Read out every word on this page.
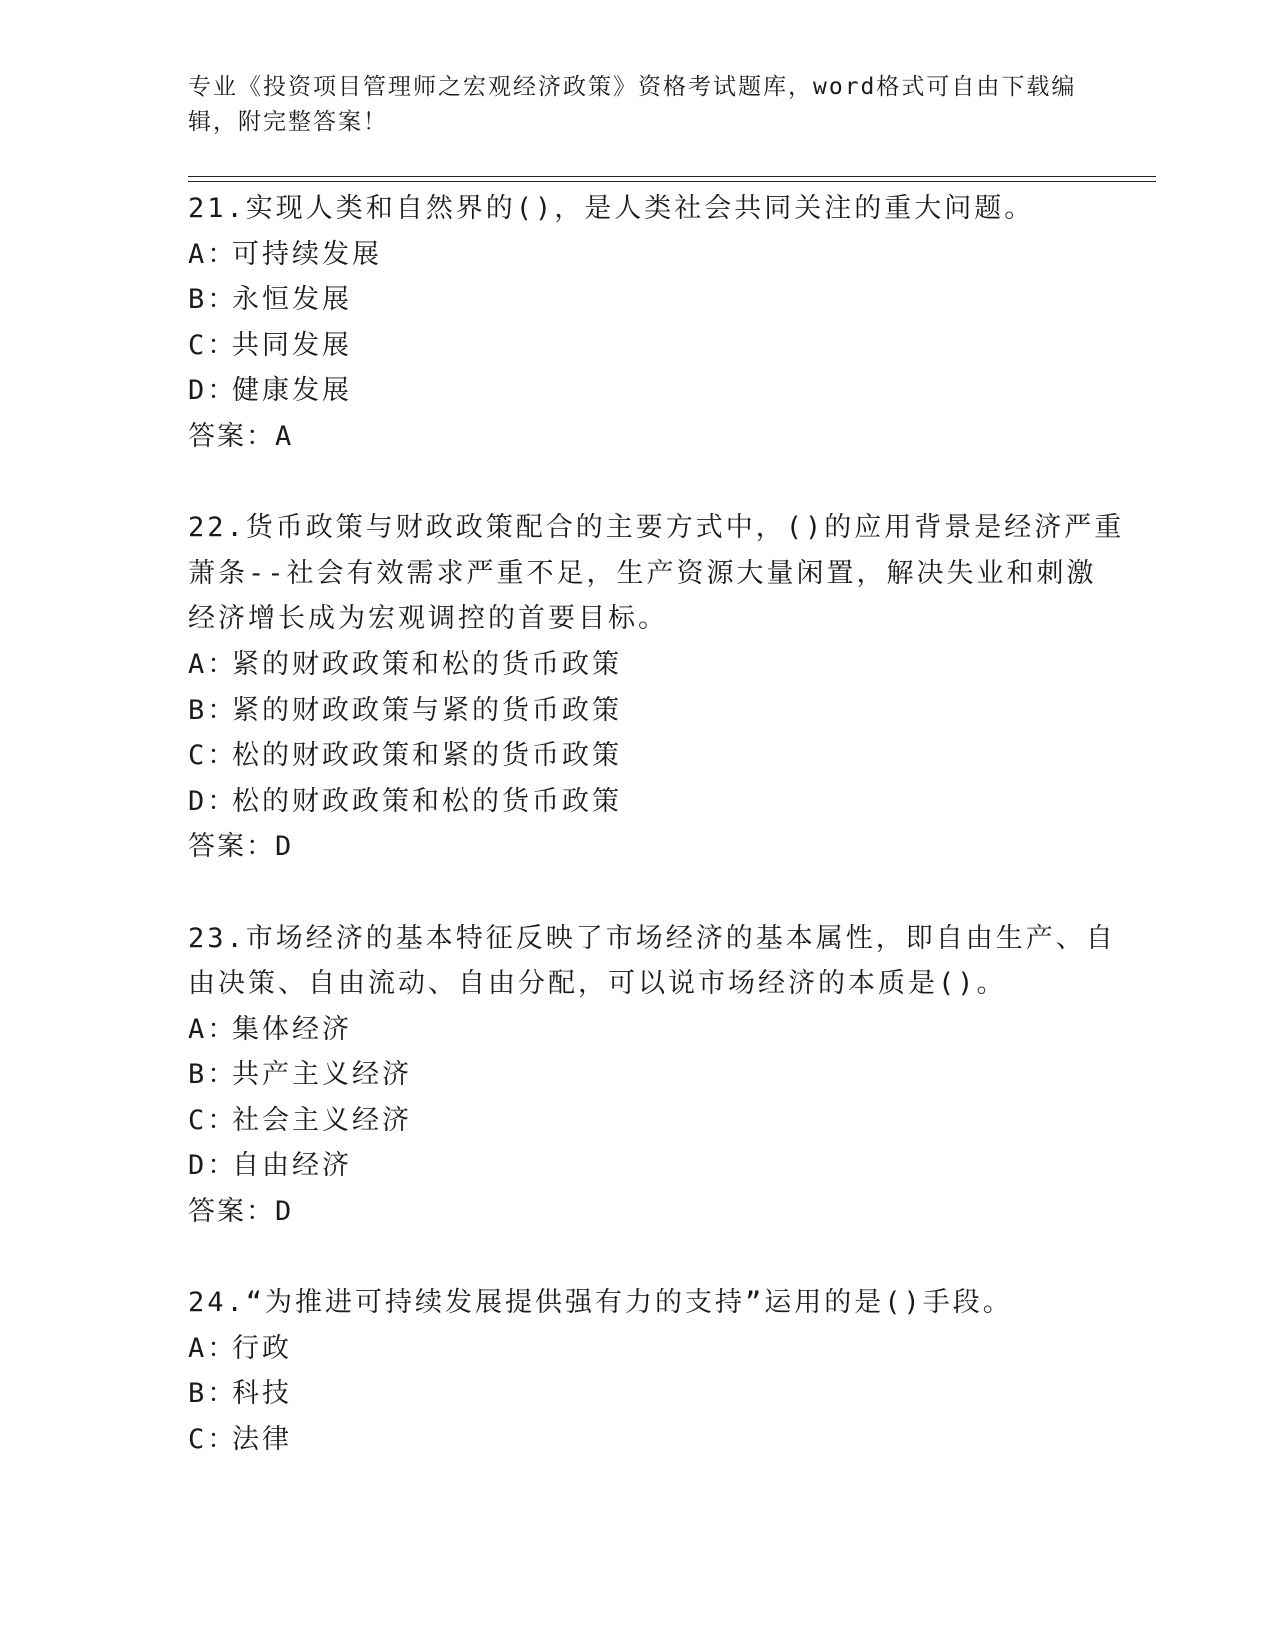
专业《投资项目管理师之宏观经济政策》资格考试题库，word格式可自由下载编
辑，附完整答案！
21.实现人类和自然界的()，是人类社会共同关注的重大问题。
A：可持续发展
B：永恒发展
C：共同发展
D：健康发展
答案：A
22.货币政策与财政政策配合的主要方式中，()的应用背景是经济严重
萧条--社会有效需求严重不足，生产资源大量闲置，解决失业和刺激
经济增长成为宏观调控的首要目标。
A：紧的财政政策和松的货币政策
B：紧的财政政策与紧的货币政策
C：松的财政政策和紧的货币政策
D：松的财政政策和松的货币政策
答案：D
23.市场经济的基本特征反映了市场经济的基本属性，即自由生产、自
由决策、自由流动、自由分配，可以说市场经济的本质是()。
A：集体经济
B：共产主义经济
C：社会主义经济
D：自由经济
答案：D
24.“为推进可持续发展提供强有力的支持”运用的是()手段。
A：行政
B：科技
C：法律
